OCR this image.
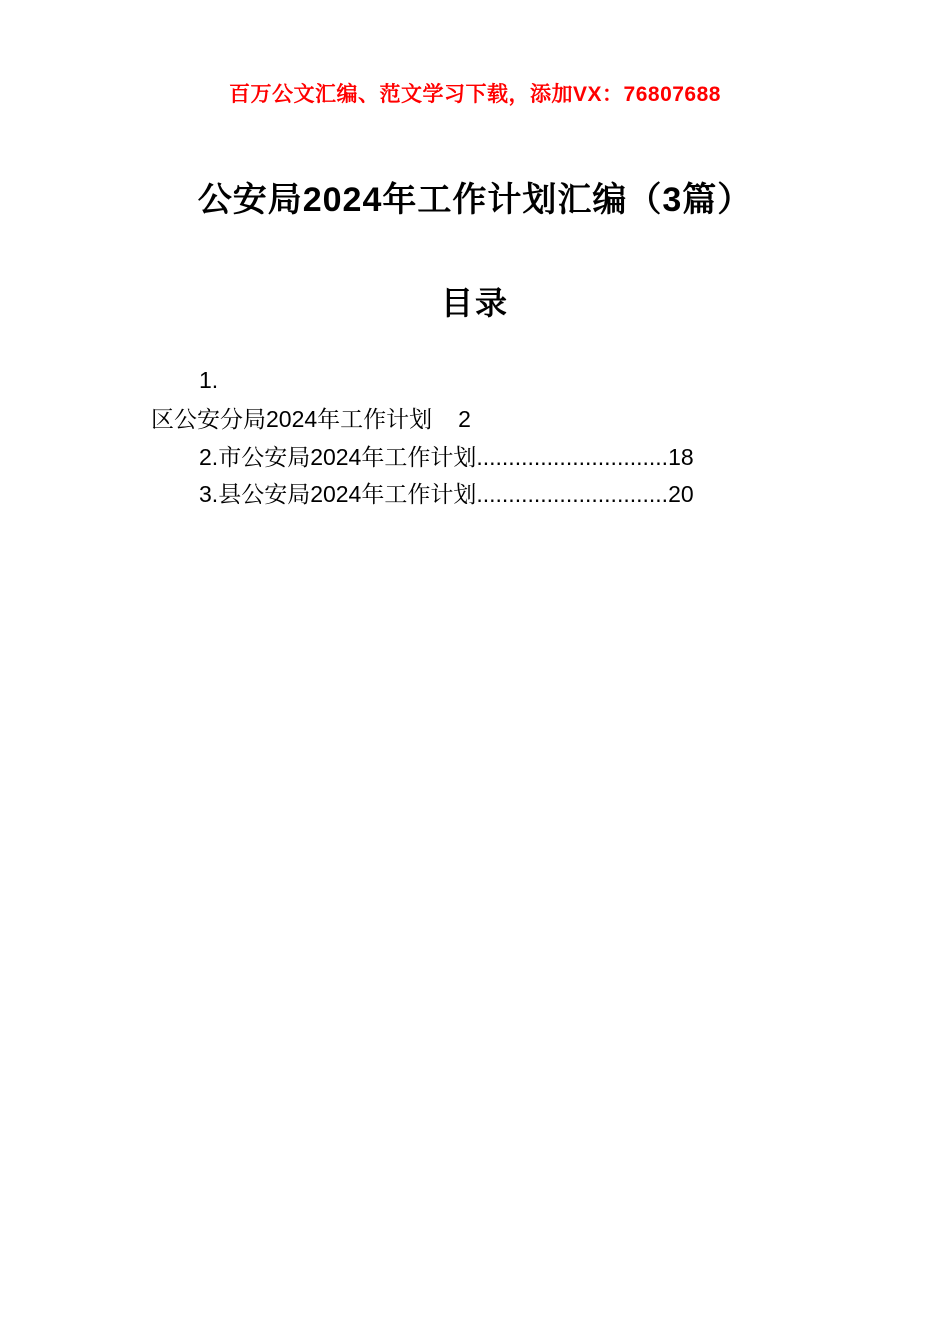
百万公文汇编、范文学习下载，添加VX：76807688
公安局2024年工作计划汇编（3篇）
目录
1.
区公安分局2024年工作计划 2
2.市公安局2024年工作计划..............................18
3.县公安局2024年工作计划..............................20
